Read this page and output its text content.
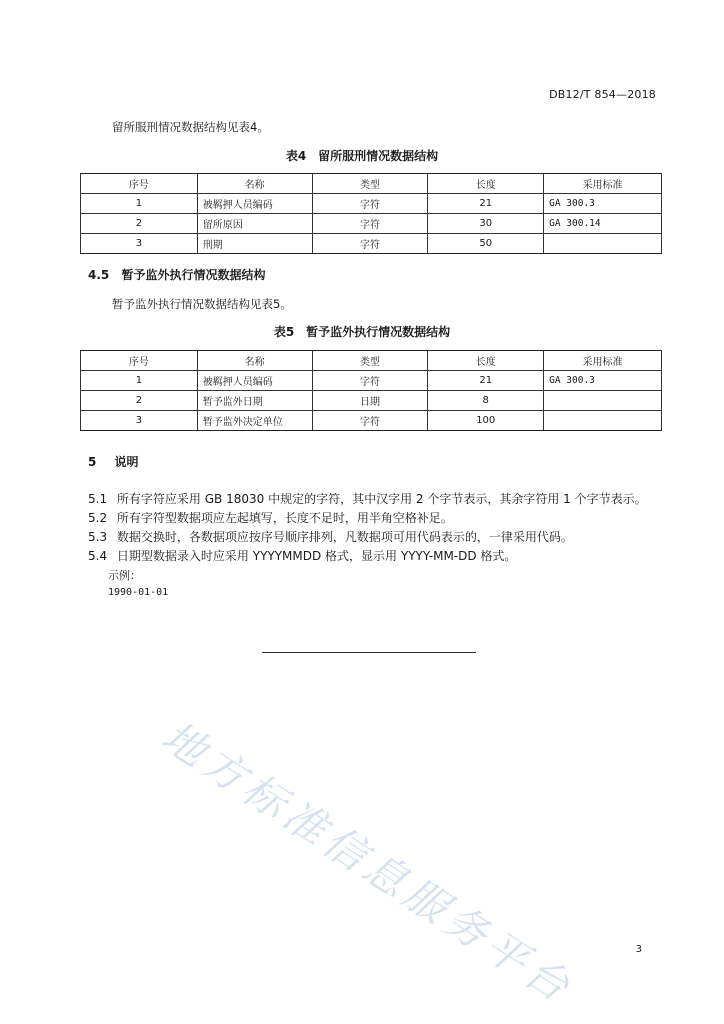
DB12/T 854—2018
留所服刑情况数据结构见表4。
表4　留所服刑情况数据结构
序号	名称	类型	长度	采用标准
1	被羁押人员编码	字符	21	GA 300.3
2	留所原因	字符	30	GA 300.14
3	刑期	字符	50	
4.5 暂予监外执行情况数据结构
暂予监外执行情况数据结构见表5。
表5　暂予监外执行情况数据结构
序号	名称	类型	长度	采用标准
1	被羁押人员编码	字符	21	GA 300.3
2	暂予监外日期	日期	8	
3	暂予监外决定单位	字符	100	
5 说明
5.1 所有字符应采用 GB 18030 中规定的字符，其中汉字用 2 个字节表示，其余字符用 1 个字节表示。
5.2 所有字符型数据项应左起填写，长度不足时，用半角空格补足。
5.3 数据交换时，各数据项应按序号顺序排列，凡数据项可用代码表示的，一律采用代码。
5.4 日期型数据录入时应采用 YYYYMMDD 格式，显示用 YYYY-MM-DD 格式。
示例：
1990-01-01
地方标准信息服务平台	3
